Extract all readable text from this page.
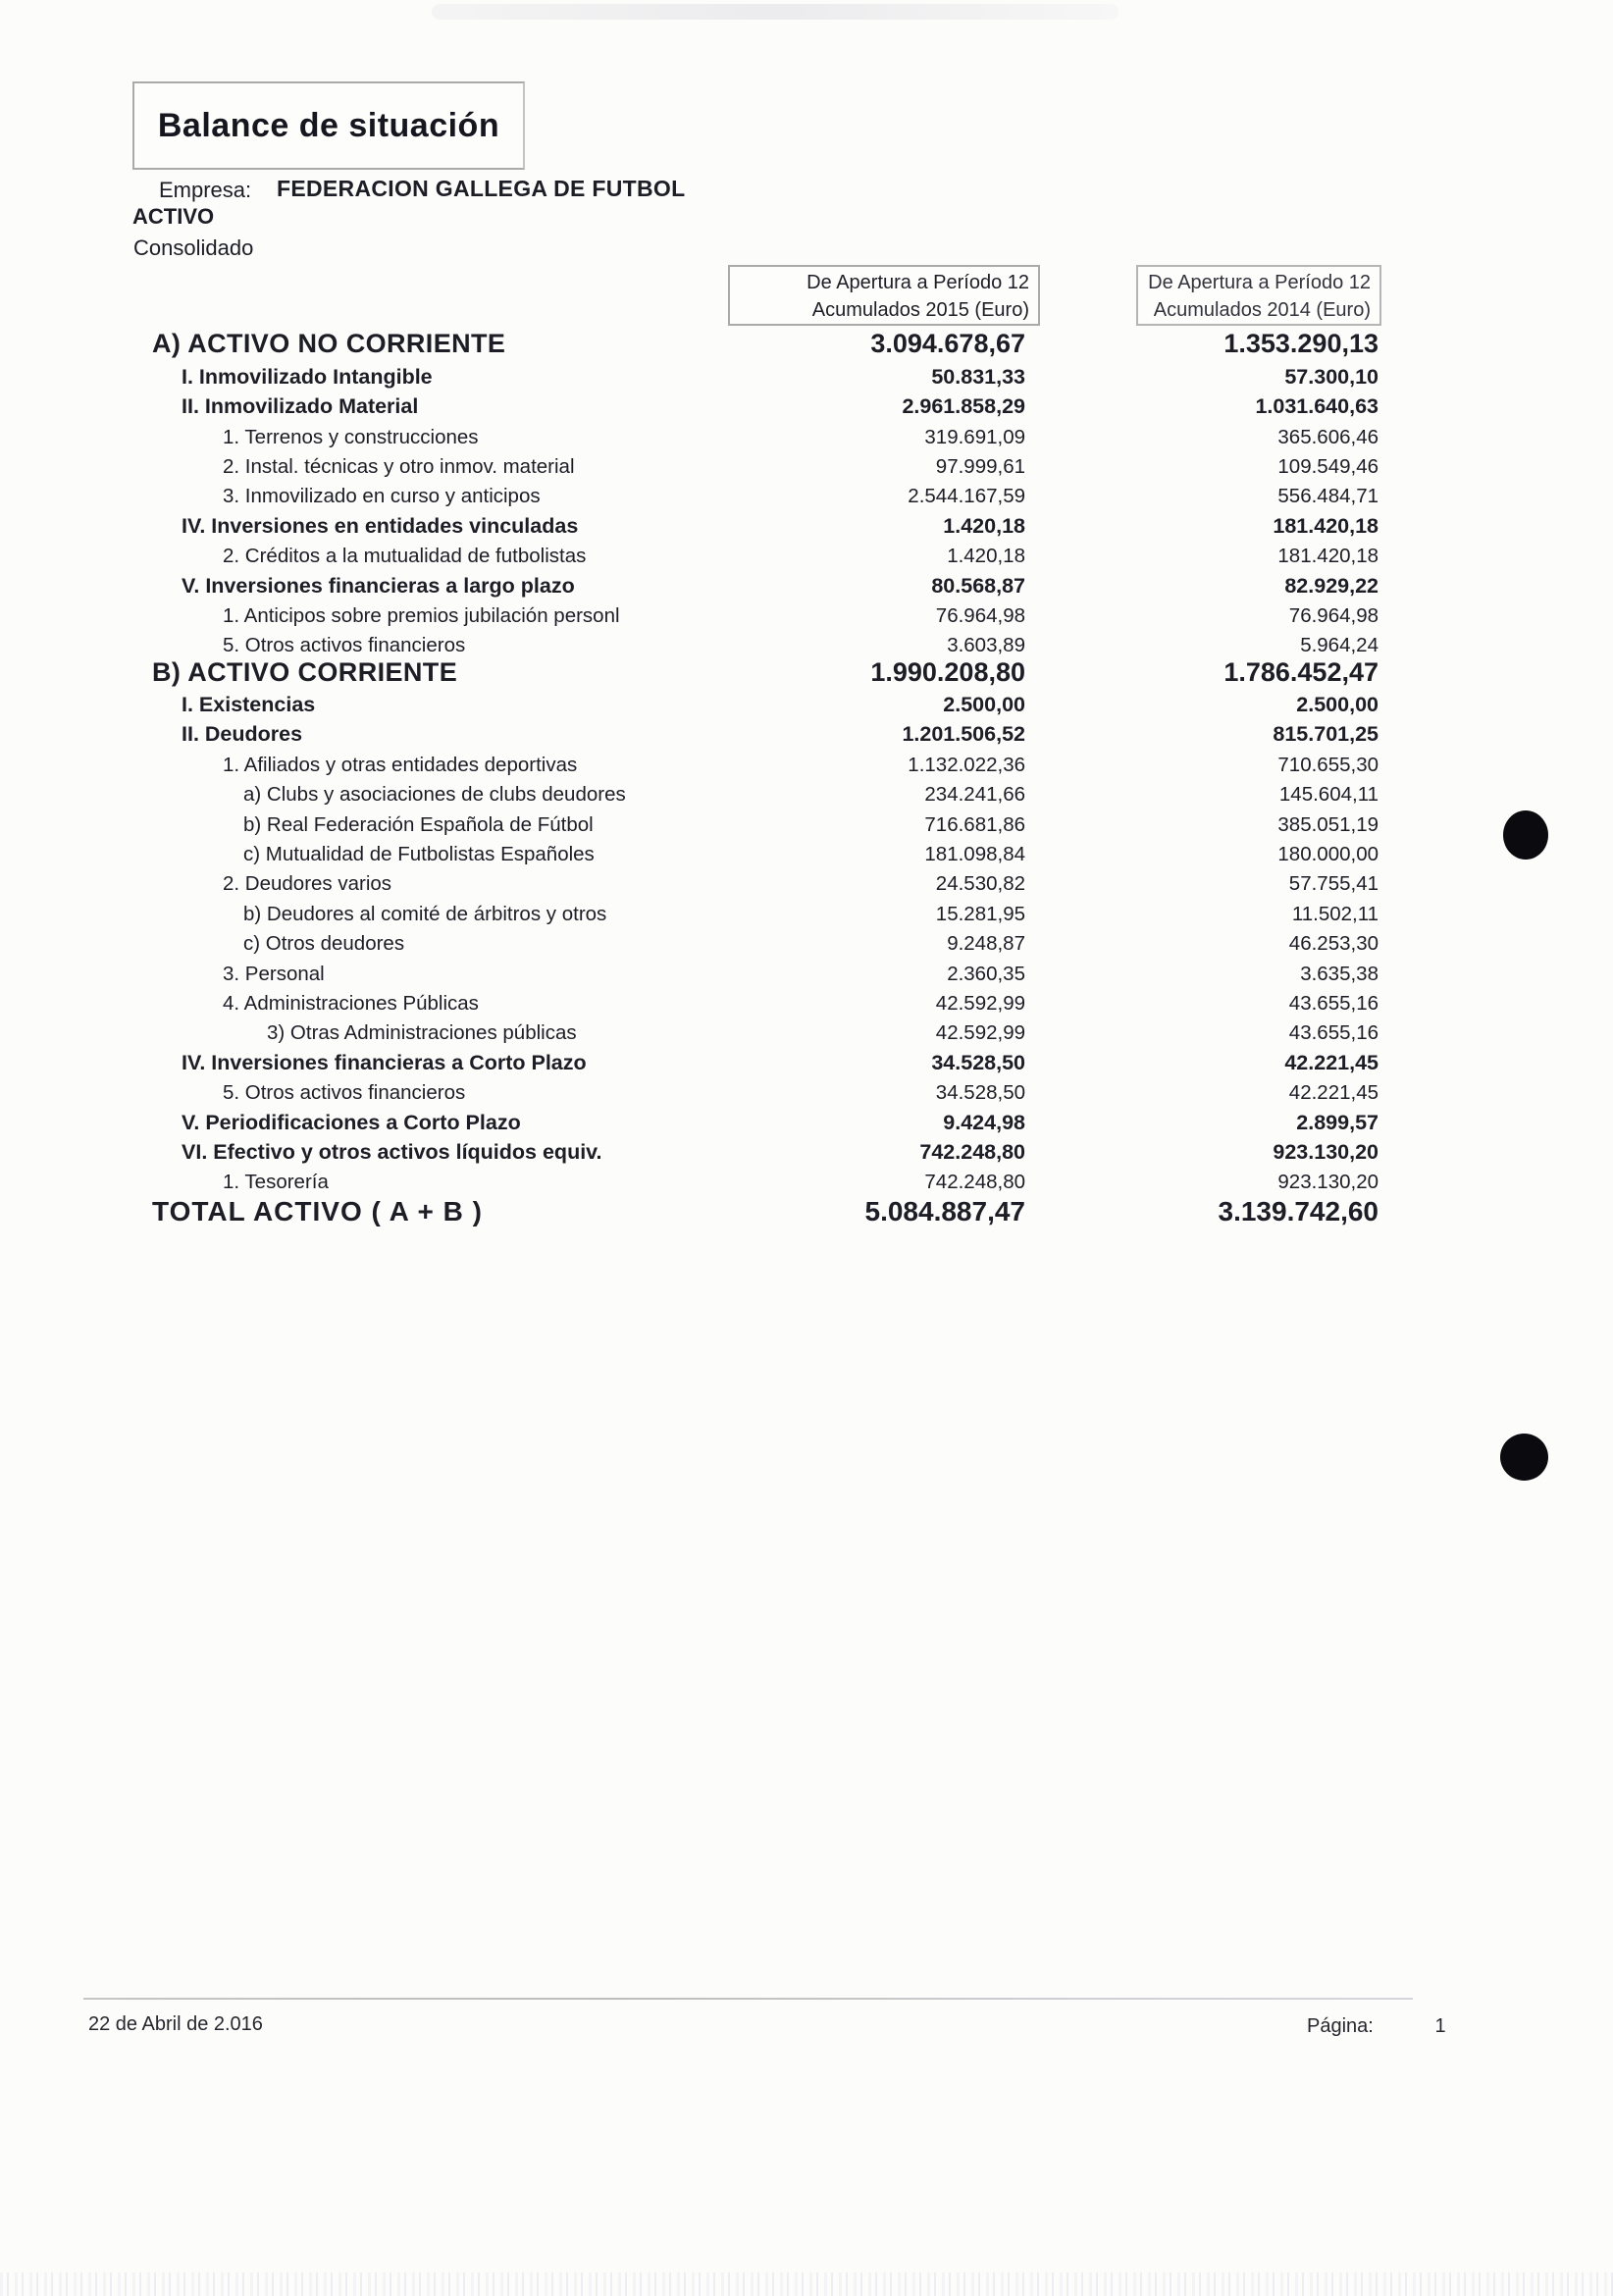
Balance de situación
Empresa: FEDERACION GALLEGA DE FUTBOL
ACTIVO
Consolidado
De Apertura a Período 12
Acumulados 2015 (Euro)
De Apertura a Período 12
Acumulados 2014 (Euro)
A) ACTIVO NO CORRIENTE	3.094.678,67	1.353.290,13
I. Inmovilizado Intangible	50.831,33	57.300,10
II. Inmovilizado Material	2.961.858,29	1.031.640,63
1. Terrenos y construcciones	319.691,09	365.606,46
2. Instal. técnicas y otro inmov. material	97.999,61	109.549,46
3. Inmovilizado en curso y anticipos	2.544.167,59	556.484,71
IV. Inversiones en entidades vinculadas	1.420,18	181.420,18
2. Créditos a la mutualidad de futbolistas	1.420,18	181.420,18
V. Inversiones financieras a largo plazo	80.568,87	82.929,22
1. Anticipos sobre premios jubilación personl	76.964,98	76.964,98
5. Otros activos financieros	3.603,89	5.964,24
B) ACTIVO CORRIENTE	1.990.208,80	1.786.452,47
I. Existencias	2.500,00	2.500,00
II. Deudores	1.201.506,52	815.701,25
1. Afiliados y otras entidades deportivas	1.132.022,36	710.655,30
a) Clubs y asociaciones de clubs deudores	234.241,66	145.604,11
b) Real Federación Española de Fútbol	716.681,86	385.051,19
c) Mutualidad de Futbolistas Españoles	181.098,84	180.000,00
2. Deudores varios	24.530,82	57.755,41
b) Deudores al comité de árbitros y otros	15.281,95	11.502,11
c) Otros deudores	9.248,87	46.253,30
3. Personal	2.360,35	3.635,38
4. Administraciones Públicas	42.592,99	43.655,16
3) Otras Administraciones públicas	42.592,99	43.655,16
IV. Inversiones financieras a Corto Plazo	34.528,50	42.221,45
5. Otros activos financieros	34.528,50	42.221,45
V. Periodificaciones a Corto Plazo	9.424,98	2.899,57
VI. Efectivo y otros activos líquidos equiv.	742.248,80	923.130,20
1. Tesorería	742.248,80	923.130,20
TOTAL ACTIVO ( A + B )	5.084.887,47	3.139.742,60
22 de Abril de 2.016	Página:	1
